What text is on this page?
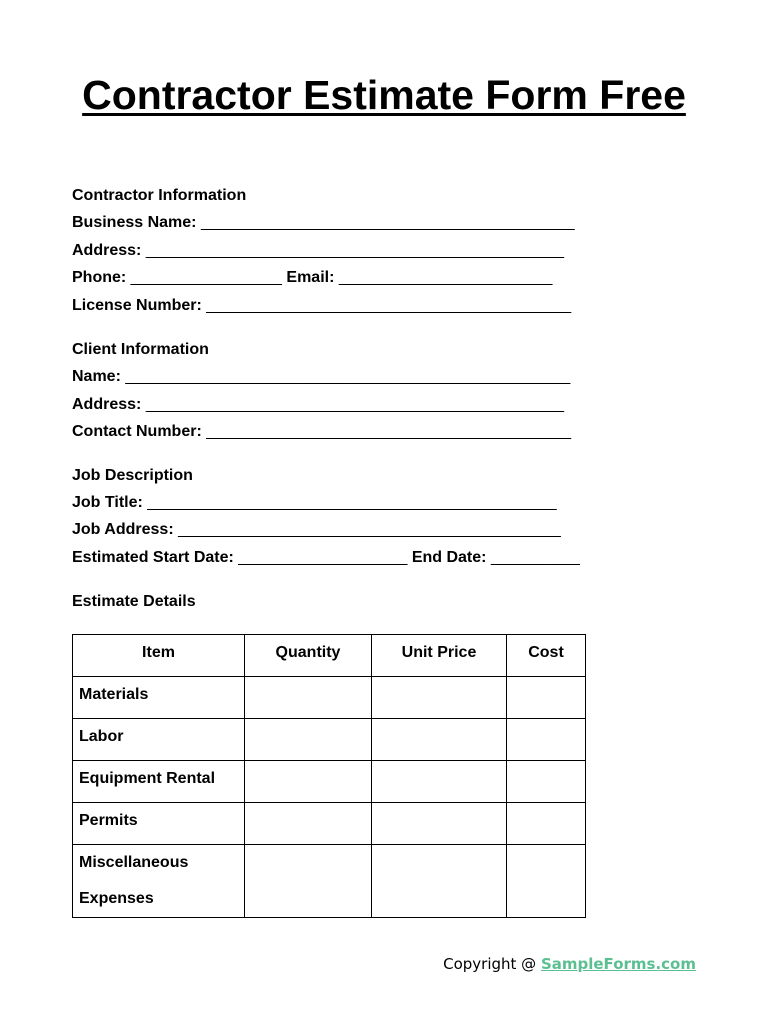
Contractor Estimate Form Free
Contractor Information
Business Name: __________________________________________
Address: _______________________________________________
Phone: _________________ Email: ________________________
License Number: _________________________________________
Client Information
Name: __________________________________________________
Address: _______________________________________________
Contact Number: _________________________________________
Job Description
Job Title: ______________________________________________
Job Address: ___________________________________________
Estimated Start Date: ___________________ End Date: __________
Estimate Details
Item	Quantity	Unit Price	Cost
Materials			
Labor			
Equipment Rental			
Permits			
Miscellaneous Expenses			
Copyright @ SampleForms.com
